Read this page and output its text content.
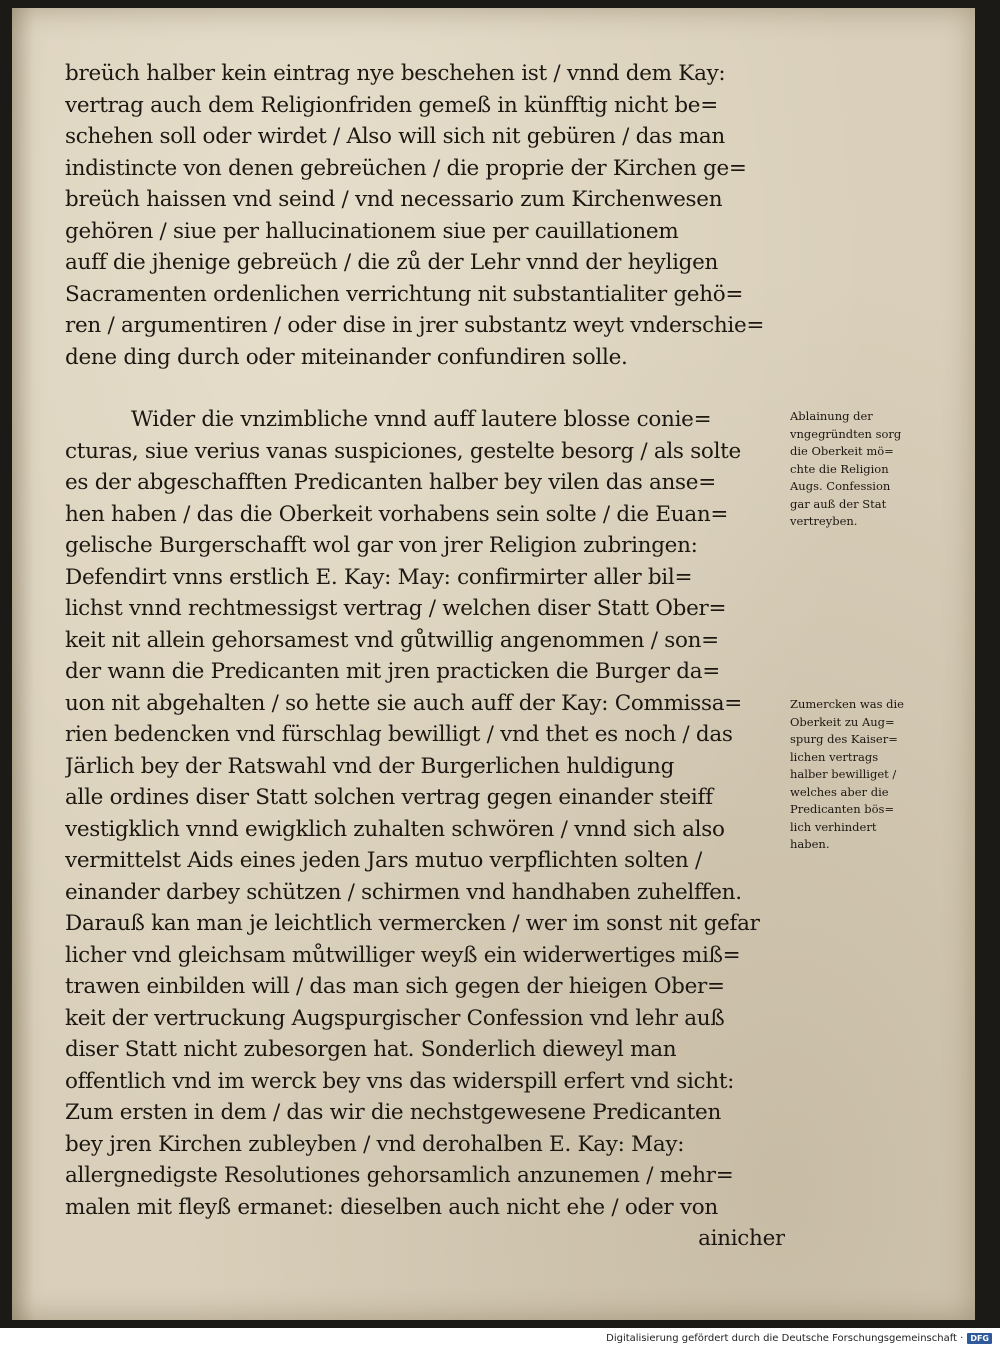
breüch halber kein eintrag nye beschehen ist / vnnd dem Kay:
vertrag auch dem Religionfriden gemeß in künfftig nicht be=
schehen soll oder wirdet / Also will sich nit gebüren / das man
indistincte von denen gebreüchen / die proprie der Kirchen ge=
breüch haissen vnd seind / vnd necessario zum Kirchenwesen
gehören / siue per hallucinationem siue per cauillationem
auff die jhenige gebreüch / die zů der Lehr vnnd der heyligen
Sacramenten ordenlichen verrichtung nit substantialiter gehö=
ren / argumentiren / oder dise in jrer substantz weyt vnderschie=
dene ding durch oder miteinander confundiren solle.
Wider die vnzimbliche vnnd auff lautere blosse conie=
cturas, siue verius vanas suspiciones, gestelte besorg / als solte
es der abgeschafften Predicanten halber bey vilen das anse=
hen haben / das die Oberkeit vorhabens sein solte / die Euan=
gelische Burgerschafft wol gar von jrer Religion zubringen:
Defendirt vnns erstlich E. Kay: May: confirmirter aller bil=
lichst vnnd rechtmessigst vertrag / welchen diser Statt Ober=
keit nit allein gehorsamest vnd gůtwillig angenommen / son=
der wann die Predicanten mit jren practicken die Burger da=
uon nit abgehalten / so hette sie auch auff der Kay: Commissa=
rien bedencken vnd fürschlag bewilligt / vnd thet es noch / das
Järlich bey der Ratswahl vnd der Burgerlichen huldigung
alle ordines diser Statt solchen vertrag gegen einander steiff
vestigklich vnnd ewigklich zuhalten schwören / vnnd sich also
vermittelst Aids eines jeden Jars mutuo verpflichten solten /
einander darbey schützen / schirmen vnd handhaben zuhelffen.
Darauß kan man je leichtlich vermercken / wer im sonst nit gefar
licher vnd gleichsam můtwilliger weyß ein widerwertiges miß=
trawen einbilden will / das man sich gegen der hieigen Ober=
keit der vertruckung Augspurgischer Confession vnd lehr auß
diser Statt nicht zubesorgen hat. Sonderlich dieweyl man
offentlich vnd im werck bey vns das widerspill erfert vnd sicht:
Zum ersten in dem / das wir die nechstgewesene Predicanten
bey jren Kirchen zubleyben / vnd derohalben E. Kay: May:
allergnedigste Resolutiones gehorsamlich anzunemen / mehr=
malen mit fleyß ermanet: dieselben auch nicht ehe / oder von
ainicher
Ablainung der
vngegründten sorg
die Oberkeit mö=
chte die Religion
Augs. Confession
gar auß der Stat
vertreyben.
Zumercken was die
Oberkeit zu Aug=
spurg des Kaiser=
lichen vertrags
halber bewilliget /
welches aber die
Predicanten bös=
lich verhindert
haben.
Digitalisierung gefördert durch die Deutsche Forschungsgemeinschaft · DFG
